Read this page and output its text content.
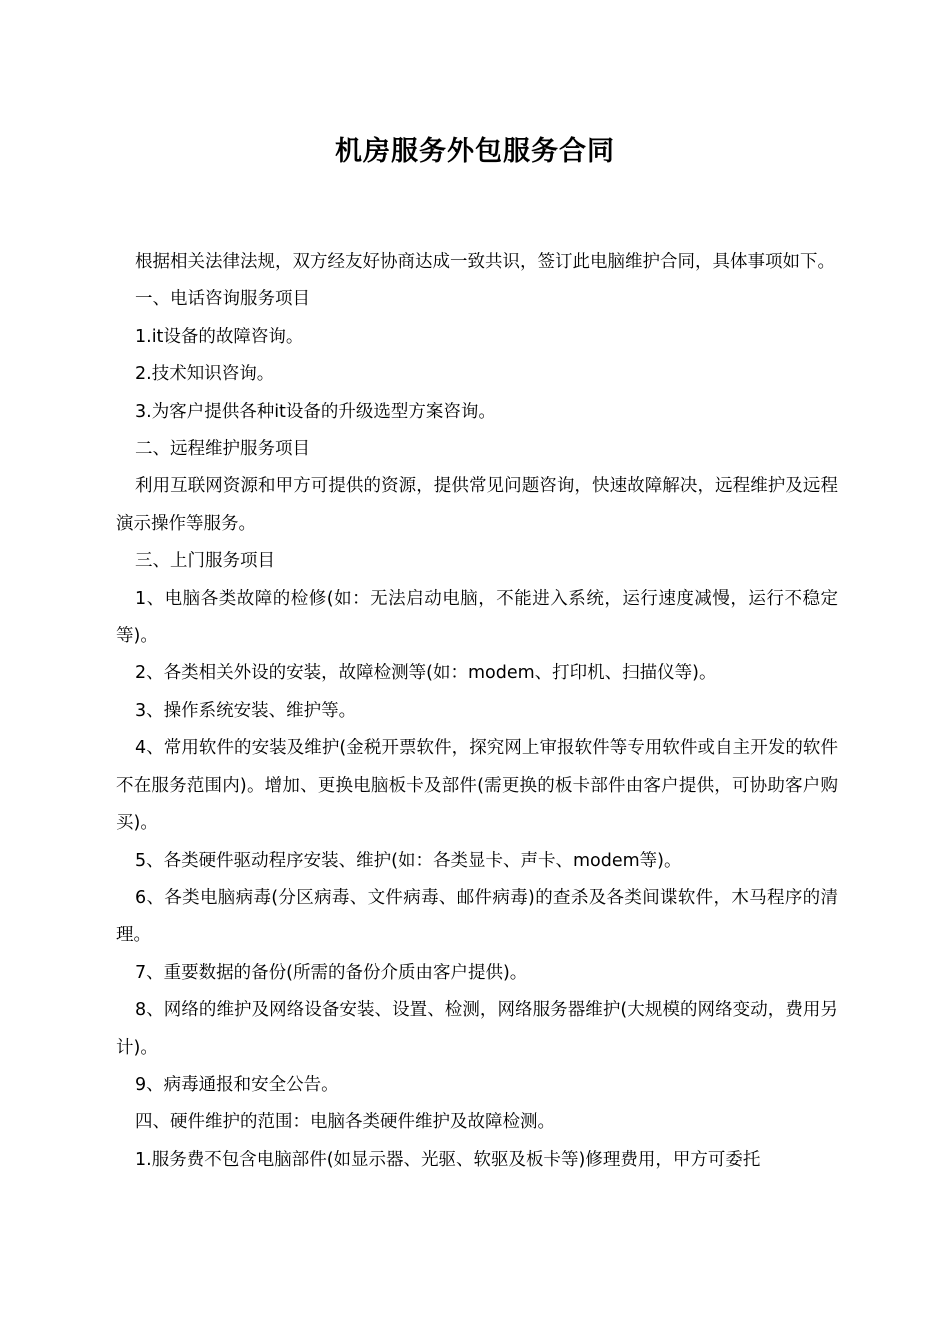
机房服务外包服务合同

根据相关法律法规，双方经友好协商达成一致共识，签订此电脑维护合同，具体事项如下。

一、电话咨询服务项目

1.it设备的故障咨询。

2.技术知识咨询。

3.为客户提供各种it设备的升级选型方案咨询。

二、远程维护服务项目

利用互联网资源和甲方可提供的资源，提供常见问题咨询，快速故障解决，远程维护及远程演示操作等服务。

三、上门服务项目

1、电脑各类故障的检修(如：无法启动电脑，不能进入系统，运行速度减慢，运行不稳定等)。

2、各类相关外设的安装，故障检测等(如：modem、打印机、扫描仪等)。

3、操作系统安装、维护等。

4、常用软件的安装及维护(金税开票软件，探究网上审报软件等专用软件或自主开发的软件不在服务范围内)。增加、更换电脑板卡及部件(需更换的板卡部件由客户提供，可协助客户购买)。

5、各类硬件驱动程序安装、维护(如：各类显卡、声卡、modem等)。

6、各类电脑病毒(分区病毒、文件病毒、邮件病毒)的查杀及各类间谍软件，木马程序的清理。

7、重要数据的备份(所需的备份介质由客户提供)。

8、网络的维护及网络设备安装、设置、检测，网络服务器维护(大规模的网络变动，费用另计)。

9、病毒通报和安全公告。

四、硬件维护的范围：电脑各类硬件维护及故障检测。

1.服务费不包含电脑部件(如显示器、光驱、软驱及板卡等)修理费用，甲方可委托
